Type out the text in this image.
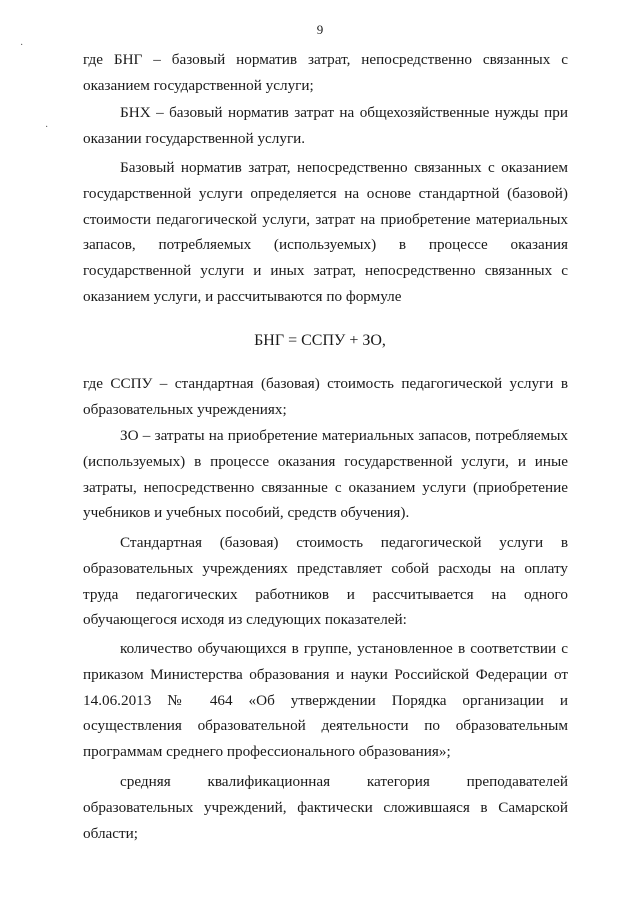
9
·
·

где БНГ – базовый норматив затрат, непосредственно связанных с оказанием государственной услуги;

БНХ – базовый норматив затрат на общехозяйственные нужды при оказании государственной услуги.

Базовый норматив затрат, непосредственно связанных с оказанием государственной услуги определяется на основе стандартной (базовой) стоимости педагогической услуги, затрат на приобретение материальных запасов, потребляемых (используемых) в процессе оказания государственной услуги и иных затрат, непосредственно связанных с оказанием услуги, и рассчитываются по формуле

БНГ = ССПУ + ЗО,

где ССПУ – стандартная (базовая) стоимость педагогической услуги в образовательных учреждениях;

ЗО – затраты на приобретение материальных запасов, потребляемых (используемых) в процессе оказания государственной услуги, и иные затраты, непосредственно связанные с оказанием услуги (приобретение учебников и учебных пособий, средств обучения).

Стандартная (базовая) стоимость педагогической услуги в образовательных учреждениях представляет собой расходы на оплату труда педагогических работников и рассчитывается на одного обучающегося исходя из следующих показателей:

количество обучающихся в группе, установленное в соответствии с приказом Министерства образования и науки Российской Федерации от 14.06.2013 № 464 «Об утверждении Порядка организации и осуществления образовательной деятельности по образовательным программам среднего профессионального образования»;

средняя квалификационная категория преподавателей образовательных учреждений, фактически сложившаяся в Самарской области;
